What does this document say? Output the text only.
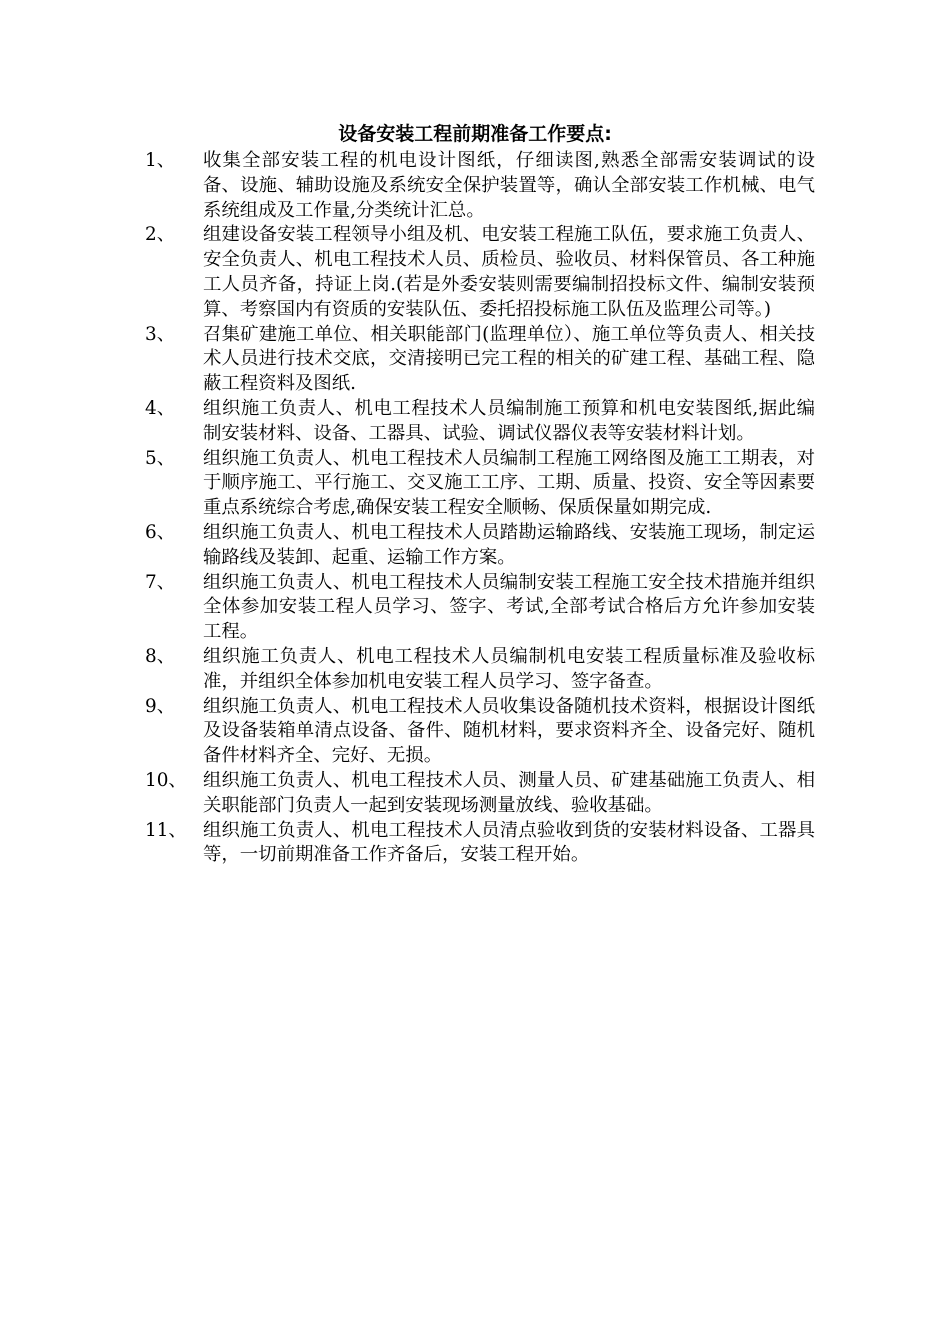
设备安装工程前期准备工作要点:
1、 收集全部安装工程的机电设计图纸，仔细读图,熟悉全部需安装调试的设备、设施、辅助设施及系统安全保护装置等，确认全部安装工作机械、电气系统组成及工作量,分类统计汇总。
2、 组建设备安装工程领导小组及机、电安装工程施工队伍，要求施工负责人、安全负责人、机电工程技术人员、质检员、验收员、材料保管员、各工种施工人员齐备，持证上岗.(若是外委安装则需要编制招投标文件、编制安装预算、考察国内有资质的安装队伍、委托招投标施工队伍及监理公司等。)
3、 召集矿建施工单位、相关职能部门(监理单位）、施工单位等负责人、相关技术人员进行技术交底，交清接明已完工程的相关的矿建工程、基础工程、隐蔽工程资料及图纸.
4、 组织施工负责人、机电工程技术人员编制施工预算和机电安装图纸,据此编制安装材料、设备、工器具、试验、调试仪器仪表等安装材料计划。
5、 组织施工负责人、机电工程技术人员编制工程施工网络图及施工工期表，对于顺序施工、平行施工、交叉施工工序、工期、质量、投资、安全等因素要重点系统综合考虑,确保安装工程安全顺畅、保质保量如期完成.
6、 组织施工负责人、机电工程技术人员踏勘运输路线、安装施工现场，制定运输路线及装卸、起重、运输工作方案。
7、 组织施工负责人、机电工程技术人员编制安装工程施工安全技术措施并组织全体参加安装工程人员学习、签字、考试,全部考试合格后方允许参加安装工程。
8、 组织施工负责人、机电工程技术人员编制机电安装工程质量标准及验收标准，并组织全体参加机电安装工程人员学习、签字备查。
9、 组织施工负责人、机电工程技术人员收集设备随机技术资料，根据设计图纸及设备装箱单清点设备、备件、随机材料，要求资料齐全、设备完好、随机备件材料齐全、完好、无损。
10、 组织施工负责人、机电工程技术人员、测量人员、矿建基础施工负责人、相关职能部门负责人一起到安装现场测量放线、验收基础。
11、 组织施工负责人、机电工程技术人员清点验收到货的安装材料设备、工器具等，一切前期准备工作齐备后，安装工程开始。
